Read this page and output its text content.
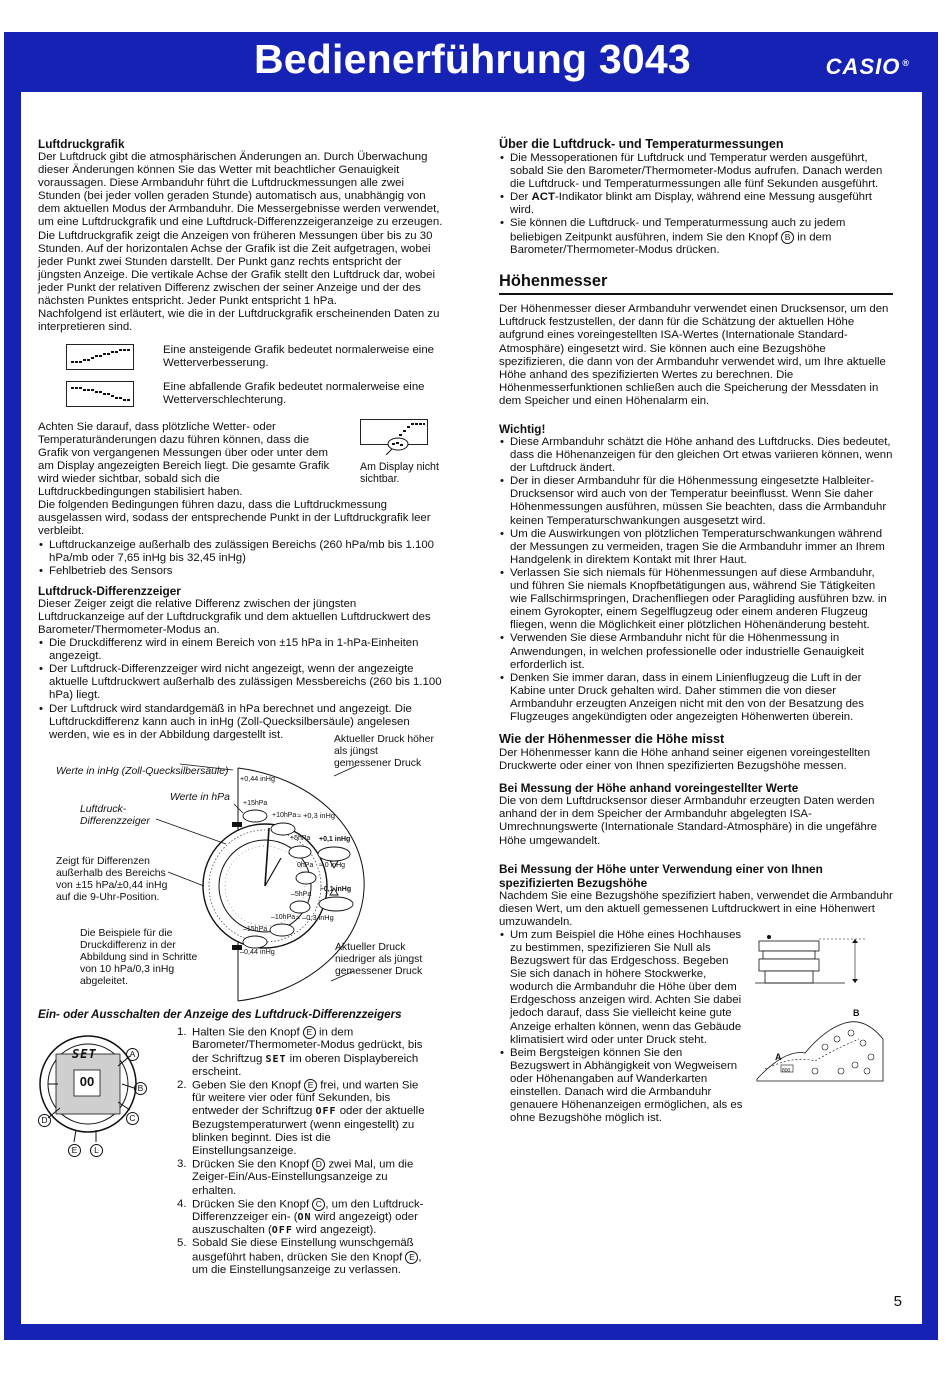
Bedienerführung 3043	CASIO ®
5
Luftdruckgrafik

Der Luftdruck gibt die atmosphärischen Änderungen an. Durch Überwachung dieser Änderungen können Sie das Wetter mit beachtlicher Genauigkeit voraussagen. Diese Armbanduhr führt die Luftdruckmessungen alle zwei Stunden (bei jeder vollen geraden Stunde) automatisch aus, unabhängig von dem aktuellen Modus der Armbanduhr. Die Messergebnisse werden verwendet, um eine Luftdruckgrafik und eine Luftdruck-Differenzzeigeranzeige zu erzeugen.

Die Luftdruckgrafik zeigt die Anzeigen von früheren Messungen über bis zu 30 Stunden. Auf der horizontalen Achse der Grafik ist die Zeit aufgetragen, wobei jeder Punkt zwei Stunden darstellt. Der Punkt ganz rechts entspricht der jüngsten Anzeige. Die vertikale Achse der Grafik stellt den Luftdruck dar, wobei jeder Punkt der relativen Differenz zwischen der seiner Anzeige und der des nächsten Punktes entspricht. Jeder Punkt entspricht 1 hPa.

Nachfolgend ist erläutert, wie die in der Luftdruckgrafik erscheinenden Daten zu interpretieren sind.

Eine ansteigende Grafik bedeutet normalerweise eine Wetterverbesserung.

Eine abfallende Grafik bedeutet normalerweise eine Wetterverschlechterung.

Achten Sie darauf, dass plötzliche Wetter- oder Temperaturänderungen dazu führen können, dass die Grafik von vergangenen Messungen über oder unter dem am Display angezeigten Bereich liegt. Die gesamte Grafik wird wieder sichtbar, sobald sich die Luftdruckbedingungen stabilisiert haben.

Am Display nicht sichtbar.

Die folgenden Bedingungen führen dazu, dass die Luftdruckmessung ausgelassen wird, sodass der entsprechende Punkt in der Luftdruckgrafik leer verbleibt.

• Luftdruckanzeige außerhalb des zulässigen Bereichs (260 hPa/mb bis 1.100 hPa/mb oder 7,65 inHg bis 32,45 inHg)
• Fehlbetrieb des Sensors
Luftdruck-Differenzzeiger

Dieser Zeiger zeigt die relative Differenz zwischen der jüngsten Luftdruckanzeige auf der Luftdruckgrafik und dem aktuellen Luftdruckwert des Barometer/Thermometer-Modus an.

• Die Druckdifferenz wird in einem Bereich von ±15 hPa in 1-hPa-Einheiten angezeigt.
• Der Luftdruck-Differenzzeiger wird nicht angezeigt, wenn der angezeigte aktuelle Luftdruckwert außerhalb des zulässigen Messbereichs (260 bis 1.100 hPa) liegt.
• Der Luftdruck wird standardgemäß in hPa berechnet und angezeigt. Die Luftdruckdifferenz kann auch in inHg (Zoll-Quecksilbersäule) angelesen werden, wie es in der Abbildung dargestellt ist.
Werte in inHg (Zoll-Quecksilbersäule)
Werte in hPa
Luftdruck-Differenzzeiger
Aktueller Druck höher als jüngst gemessener Druck
Zeigt für Differenzen außerhalb des Bereichs von ±15 hPa/±0,44 inHg auf die 9-Uhr-Position.
Die Beispiele für die Druckdifferenz in der Abbildung sind in Schritte von 10 hPa/0,3 inHg abgeleitet.
Aktueller Druck niedriger als jüngst gemessener Druck
+0,44 inHg
+15hPa
+10hPa ≈ +0,3 inHg
+5hPa +0,1 inHg
0hPa ≈ 0 inHg
–0,1 inHg
–5hPa
–10hPa ≈ –0,3 inHg
–15hPa
–0,44 inHg
Ein- oder Ausschalten der Anzeige des Luftdruck-Differenzzeigers
SET
00
A
B
C
D
E	L
1. Halten Sie den Knopf E in dem Barometer/Thermometer-Modus gedrückt, bis der Schriftzug SET im oberen Displaybereich erscheint.
2. Geben Sie den Knopf E frei, und warten Sie für weitere vier oder fünf Sekunden, bis entweder der Schriftzug OFF oder der aktuelle Bezugstemperaturwert (wenn eingestellt) zu blinken beginnt. Dies ist die Einstellungsanzeige.
3. Drücken Sie den Knopf D zwei Mal, um die Zeiger-Ein/Aus-Einstellungsanzeige zu erhalten.
4. Drücken Sie den Knopf C , um den Luftdruck-Differenzzeiger ein- (ON wird angezeigt) oder auszuschalten (OFF wird angezeigt).
5. Sobald Sie diese Einstellung wunschgemäß ausgeführt haben, drücken Sie den Knopf E , um die Einstellungsanzeige zu verlassen.
Über die Luftdruck- und Temperaturmessungen
• Die Messoperationen für Luftdruck und Temperatur werden ausgeführt, sobald Sie den Barometer/Thermometer-Modus aufrufen. Danach werden die Luftdruck- und Temperaturmessungen alle fünf Sekunden ausgeführt.
• Der ACT-Indikator blinkt am Display, während eine Messung ausgeführt wird.
• Sie können die Luftdruck- und Temperaturmessung auch zu jedem beliebigen Zeitpunkt ausführen, indem Sie den Knopf B in dem Barometer/Thermometer-Modus drücken.
Höhenmesser

Der Höhenmesser dieser Armbanduhr verwendet einen Drucksensor, um den Luftdruck festzustellen, der dann für die Schätzung der aktuellen Höhe aufgrund eines voreingestellten ISA-Wertes (Internationale Standard-Atmosphäre) eingesetzt wird. Sie können auch eine Bezugshöhe spezifizieren, die dann von der Armbanduhr verwendet wird, um Ihre aktuelle Höhe anhand des spezifizierten Wertes zu berechnen. Die Höhenmesserfunktionen schließen auch die Speicherung der Messdaten in dem Speicher und einen Höhenalarm ein.

Wichtig!
• Diese Armbanduhr schätzt die Höhe anhand des Luftdrucks. Dies bedeutet, dass die Höhenanzeigen für den gleichen Ort etwas variieren können, wenn der Luftdruck ändert.
• Der in dieser Armbanduhr für die Höhenmessung eingesetzte Halbleiter-Drucksensor wird auch von der Temperatur beeinflusst. Wenn Sie daher Höhenmessungen ausführen, müssen Sie beachten, dass die Armbanduhr keinen Temperaturschwankungen ausgesetzt wird.
• Um die Auswirkungen von plötzlichen Temperaturschwankungen während der Messungen zu vermeiden, tragen Sie die Armbanduhr immer an Ihrem Handgelenk in direktem Kontakt mit Ihrer Haut.
• Verlassen Sie sich niemals für Höhenmessungen auf diese Armbanduhr, und führen Sie niemals Knopfbetätigungen aus, während Sie Tätigkeiten wie Fallschirmspringen, Drachenfliegen oder Paragliding ausführen bzw. in einem Gyrokopter, einem Segelflugzeug oder einem anderen Flugzeug fliegen, wenn die Möglichkeit einer plötzlichen Höhenänderung besteht.
• Verwenden Sie diese Armbanduhr nicht für die Höhenmessung in Anwendungen, in welchen professionelle oder industrielle Genauigkeit erforderlich ist.
• Denken Sie immer daran, dass in einem Linienflugzeug die Luft in der Kabine unter Druck gehalten wird. Daher stimmen die von dieser Armbanduhr erzeugten Anzeigen nicht mit den von der Besatzung des Flugzeuges angekündigten oder angezeigten Höhenwerten überein.
Wie der Höhenmesser die Höhe misst

Der Höhenmesser kann die Höhe anhand seiner eigenen voreingestellten Druckwerte oder einer von Ihnen spezifizierten Bezugshöhe messen.

Bei Messung der Höhe anhand voreingestellter Werte

Die von dem Luftdrucksensor dieser Armbanduhr erzeugten Daten werden anhand der in dem Speicher der Armbanduhr abgelegten ISA-Umrechnungswerte (Internationale Standard-Atmosphäre) in die ungefähre Höhe umgewandelt.

Bei Messung der Höhe unter Verwendung einer von Ihnen spezifizierten Bezugshöhe

Nachdem Sie eine Bezugshöhe spezifiziert haben, verwendet die Armbanduhr diesen Wert, um den aktuell gemessenen Luftdruckwert in eine Höhenwert umzuwandeln.

• Um zum Beispiel die Höhe eines Hochhauses zu bestimmen, spezifizieren Sie Null als Bezugswert für das Erdgeschoss. Begeben Sie sich danach in höhere Stockwerke, wodurch die Armbanduhr die Höhe über dem Erdgeschoss anzeigen wird. Achten Sie dabei jedoch darauf, dass Sie vielleicht keine gute Anzeige erhalten können, wenn das Gebäude klimatisiert wird oder unter Druck steht.
• Beim Bergsteigen können Sie den Bezugswert in Abhängigkeit von Wegweisern oder Höhenangaben auf Wanderkarten einstellen. Danach wird die Armbanduhr genauere Höhenanzeigen ermöglichen, als es ohne Bezugshöhe möglich ist.
B
A
800
